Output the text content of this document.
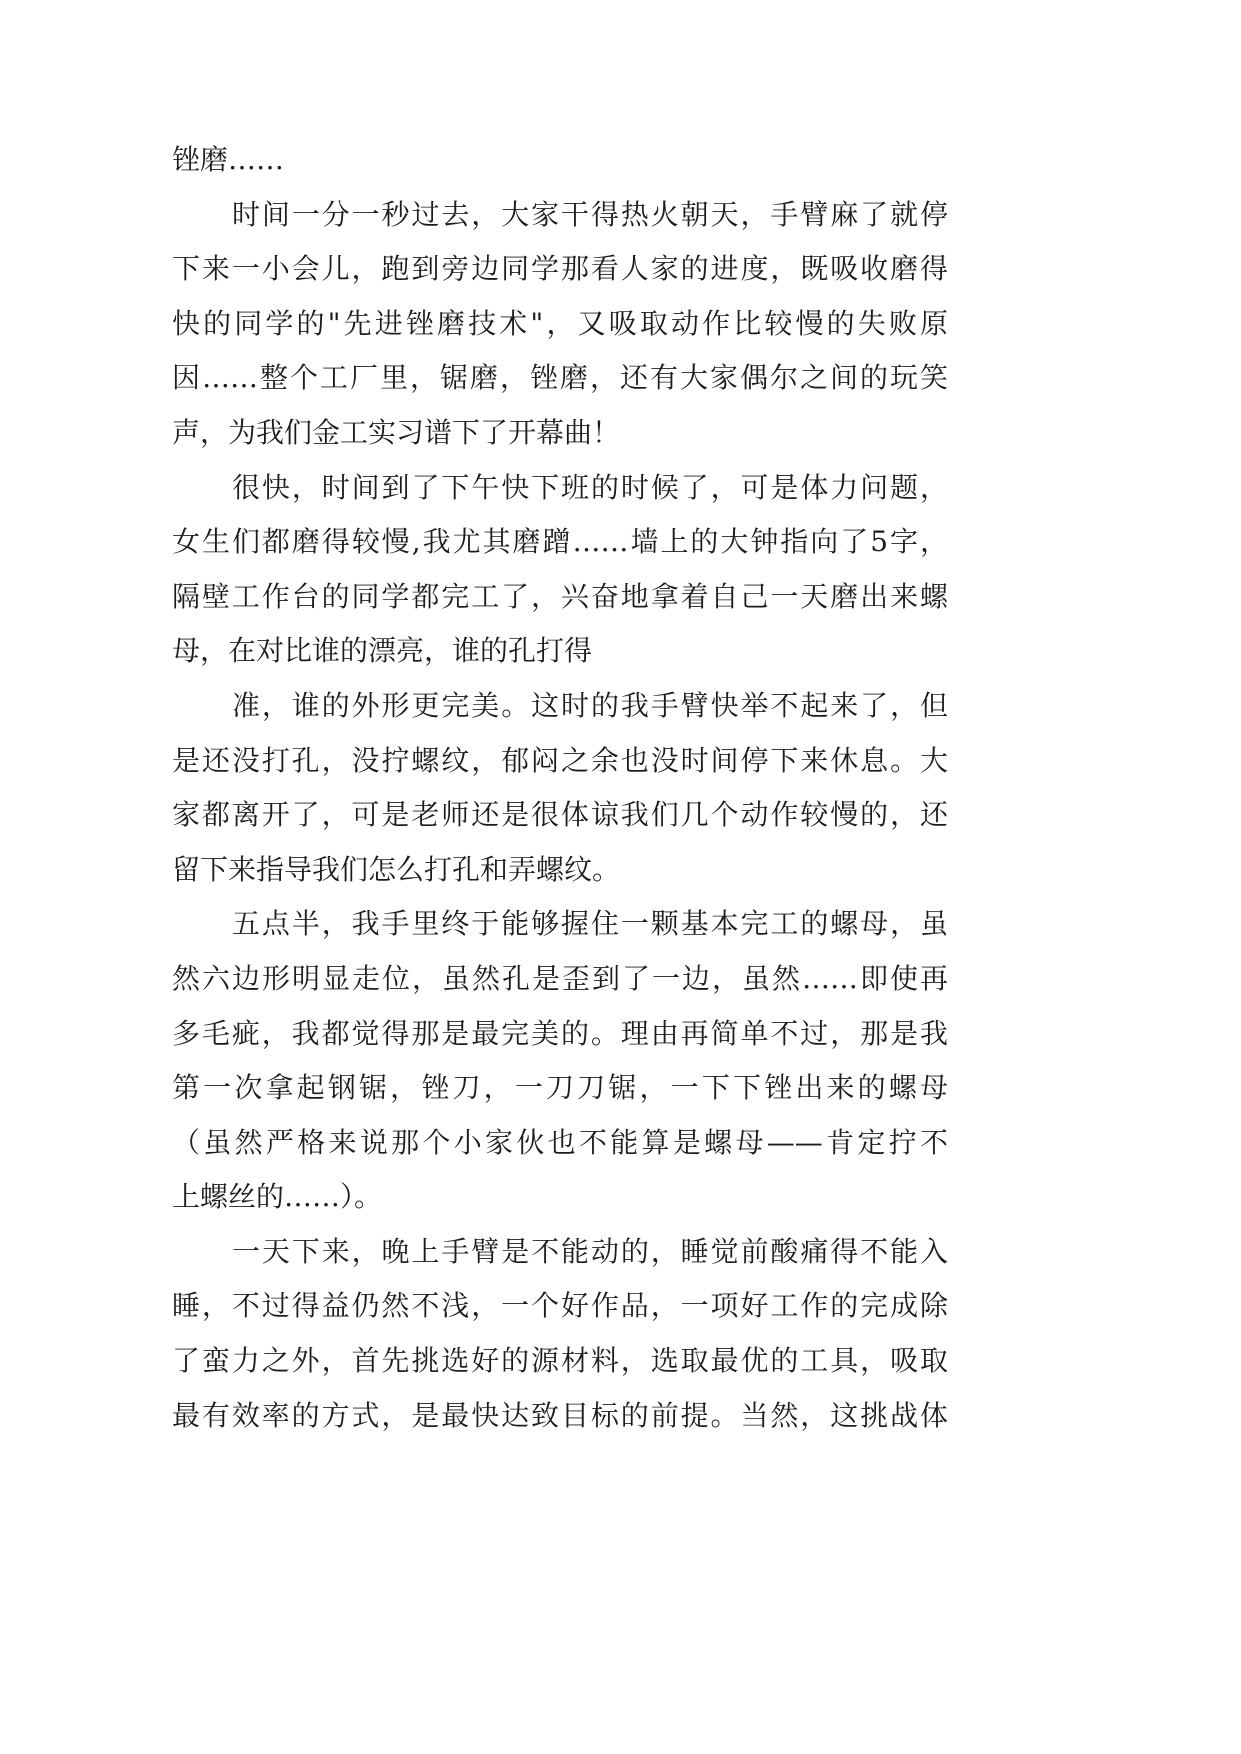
锉磨……
时间一分一秒过去，大家干得热火朝天，手臂麻了就停
下来一小会儿，跑到旁边同学那看人家的进度，既吸收磨得
快的同学的"先进锉磨技术"，又吸取动作比较慢的失败原
因……整个工厂里，锯磨，锉磨，还有大家偶尔之间的玩笑
声，为我们金工实习谱下了开幕曲！
很快，时间到了下午快下班的时候了，可是体力问题，
女生们都磨得较慢,我尤其磨蹭……墙上的大钟指向了5字，
隔壁工作台的同学都完工了，兴奋地拿着自己一天磨出来螺
母，在对比谁的漂亮，谁的孔打得
准，谁的外形更完美。这时的我手臂快举不起来了，但
是还没打孔，没拧螺纹，郁闷之余也没时间停下来休息。大
家都离开了，可是老师还是很体谅我们几个动作较慢的，还
留下来指导我们怎么打孔和弄螺纹。
五点半，我手里终于能够握住一颗基本完工的螺母，虽
然六边形明显走位，虽然孔是歪到了一边，虽然……即使再
多毛疵，我都觉得那是最完美的。理由再简单不过，那是我
第一次拿起钢锯，锉刀，一刀刀锯，一下下锉出来的螺母
（虽然严格来说那个小家伙也不能算是螺母——肯定拧不
上螺丝的……）。
一天下来，晚上手臂是不能动的，睡觉前酸痛得不能入
睡，不过得益仍然不浅，一个好作品，一项好工作的完成除
了蛮力之外，首先挑选好的源材料，选取最优的工具，吸取
最有效率的方式，是最快达致目标的前提。当然，这挑战体
